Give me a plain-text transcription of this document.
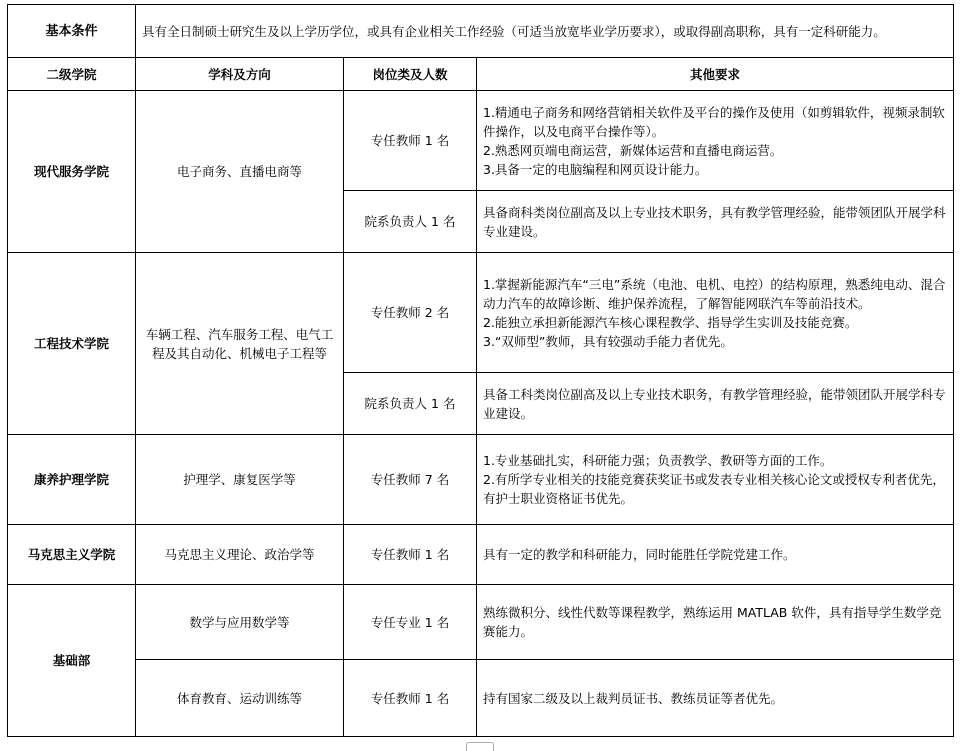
基本条件	具有全日制硕士研究生及以上学历学位，或具有企业相关工作经验（可适当放宽毕业学历要求），或取得副高职称，具有一定科研能力。		
二级学院	学科及方向	岗位类及人数	其他要求
现代服务学院	电子商务、直播电商等	专任教师 1 名	1.精通电子商务和网络营销相关软件及平台的操作及使用（如剪辑软件，视频录制软件操作，以及电商平台操作等）。
2.熟悉网页端电商运营，新媒体运营和直播电商运营。
3.具备一定的电脑编程和网页设计能力。

		院系负责人 1 名	具备商科类岗位副高及以上专业技术职务，具有教学管理经验，能带领团队开展学科专业建设。
工程技术学院	车辆工程、汽车服务工程、电气工程及其自动化、机械电子工程等	专任教师 2 名	1.掌握新能源汽车“三电”系统（电池、电机、电控）的结构原理，熟悉纯电动、混合动力汽车的故障诊断、维护保养流程，了解智能网联汽车等前沿技术。
2.能独立承担新能源汽车核心课程教学、指导学生实训及技能竞赛。
3.“双师型”教师，具有较强动手能力者优先。

		院系负责人 1 名	具备工科类岗位副高及以上专业技术职务，有教学管理经验，能带领团队开展学科专业建设。
康养护理学院	护理学、康复医学等	专任教师 7 名	1.专业基础扎实，科研能力强；负责教学、教研等方面的工作。
2.有所学专业相关的技能竞赛获奖证书或发表专业相关核心论文或授权专利者优先，有护士职业资格证书优先。

马克思主义学院	马克思主义理论、政治学等	专任教师 1 名	具有一定的教学和科研能力，同时能胜任学院党建工作。
基础部	数学与应用数学等	专任专业 1 名	熟练微积分、线性代数等课程教学，熟练运用 MATLAB 软件，具有指导学生数学竞赛能力。
	体育教育、运动训练等	专任教师 1 名	持有国家二级及以上裁判员证书、教练员证等者优先。
